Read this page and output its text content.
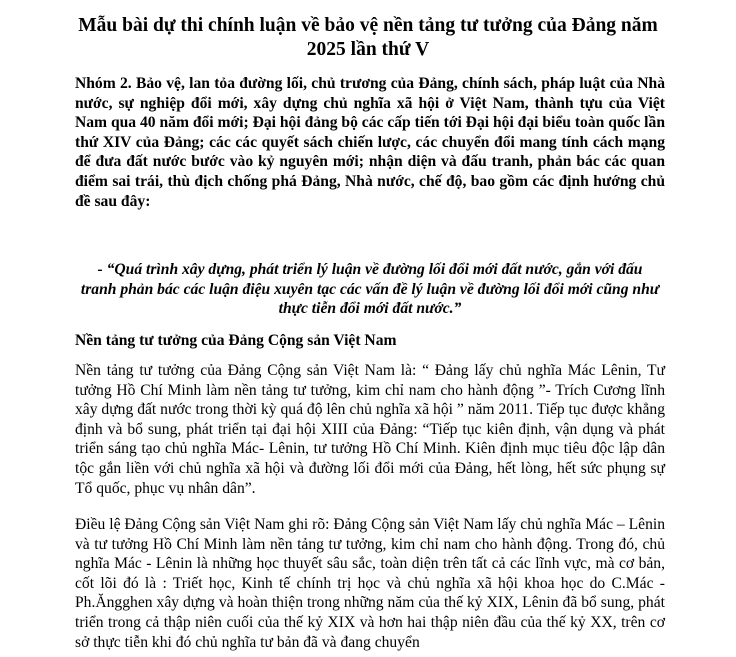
Mẫu bài dự thi chính luận về bảo vệ nền tảng tư tưởng của Đảng năm 2025 lần thứ V
Nhóm 2. Bảo vệ, lan tỏa đường lối, chủ trương của Đảng, chính sách, pháp luật của Nhà nước, sự nghiệp đổi mới, xây dựng chủ nghĩa xã hội ở Việt Nam, thành tựu của Việt Nam qua 40 năm đổi mới; Đại hội đảng bộ các cấp tiến tới Đại hội đại biểu toàn quốc lần thứ XIV của Đảng; các các quyết sách chiến lược, các chuyển đổi mang tính cách mạng để đưa đất nước bước vào kỷ nguyên mới; nhận diện và đấu tranh, phản bác các quan điểm sai trái, thù địch chống phá Đảng, Nhà nước, chế độ, bao gồm các định hướng chủ đề sau đây:
- “Quá trình xây dựng, phát triển lý luận về đường lối đổi mới đất nước, gắn với đấu tranh phản bác các luận điệu xuyên tạc các vấn đề lý luận về đường lối đổi mới cũng như thực tiễn đổi mới đất nước.”
Nền tảng tư tưởng của Đảng Cộng sản Việt Nam
Nền tảng tư tưởng của Đảng Cộng sản Việt Nam là: “ Đảng lấy chủ nghĩa Mác Lênin, Tư tưởng Hồ Chí Minh làm nền tảng tư tưởng, kim chỉ nam cho hành động ”- Trích Cương lĩnh xây dựng đất nước trong thời kỳ quá độ lên chủ nghĩa xã hội ” năm 2011. Tiếp tục được khẳng định và bổ sung, phát triển tại đại hội XIII của Đảng: “Tiếp tục kiên định, vận dụng và phát triển sáng tạo chủ nghĩa Mác- Lênin, tư tưởng Hồ Chí Minh. Kiên định mục tiêu độc lập dân tộc gắn liền với chủ nghĩa xã hội và đường lối đổi mới của Đảng, hết lòng, hết sức phụng sự Tổ quốc, phục vụ nhân dân”.
Điều lệ Đảng Cộng sản Việt Nam ghi rõ: Đảng Cộng sản Việt Nam lấy chủ nghĩa Mác – Lênin và tư tưởng Hồ Chí Minh làm nền tảng tư tưởng, kim chỉ nam cho hành động. Trong đó, chủ nghĩa Mác - Lênin là những học thuyết sâu sắc, toàn diện trên tất cả các lĩnh vực, mà cơ bản, cốt lõi đó là : Triết học, Kinh tế chính trị học và chủ nghĩa xã hội khoa học do C.Mác - Ph.Ăngghen xây dựng và hoàn thiện trong những năm của thế kỷ XIX, Lênin đã bổ sung, phát triển trong cả thập niên cuối của thế kỷ XIX và hơn hai thập niên đầu của thế kỷ XX, trên cơ sở thực tiễn khi đó chủ nghĩa tư bản đã và đang chuyển
